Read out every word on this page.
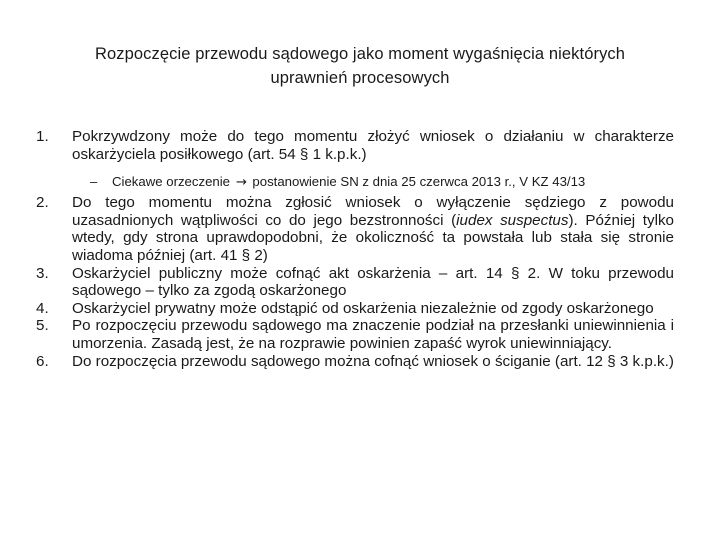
Rozpoczęcie przewodu sądowego jako moment wygaśnięcia niektórych
uprawnień procesowych
1.	Pokrzywdzony może do tego momentu złożyć wniosek o działaniu w charakterze oskarżyciela posiłkowego (art. 54 § 1 k.p.k.)
–	Ciekawe orzeczenie → postanowienie SN z dnia 25 czerwca 2013 r., V KZ 43/13
2.	Do tego momentu można zgłosić wniosek o wyłączenie sędziego z powodu uzasadnionych wątpliwości co do jego bezstronności (iudex suspectus). Później tylko wtedy, gdy strona uprawdopodobni, że okoliczność ta powstała lub stała się stronie wiadoma później (art. 41 § 2)
3.	Oskarżyciel publiczny może cofnąć akt oskarżenia – art. 14 § 2. W toku przewodu sądowego – tylko za zgodą oskarżonego
4.	Oskarżyciel prywatny może odstąpić od oskarżenia niezależnie od zgody oskarżonego
5.	Po rozpoczęciu przewodu sądowego ma znaczenie podział na przesłanki uniewinnienia i umorzenia. Zasadą jest, że na rozprawie powinien zapaść wyrok uniewinniający.
6.	Do rozpoczęcia przewodu sądowego można cofnąć wniosek o ściganie (art. 12 § 3 k.p.k.)
